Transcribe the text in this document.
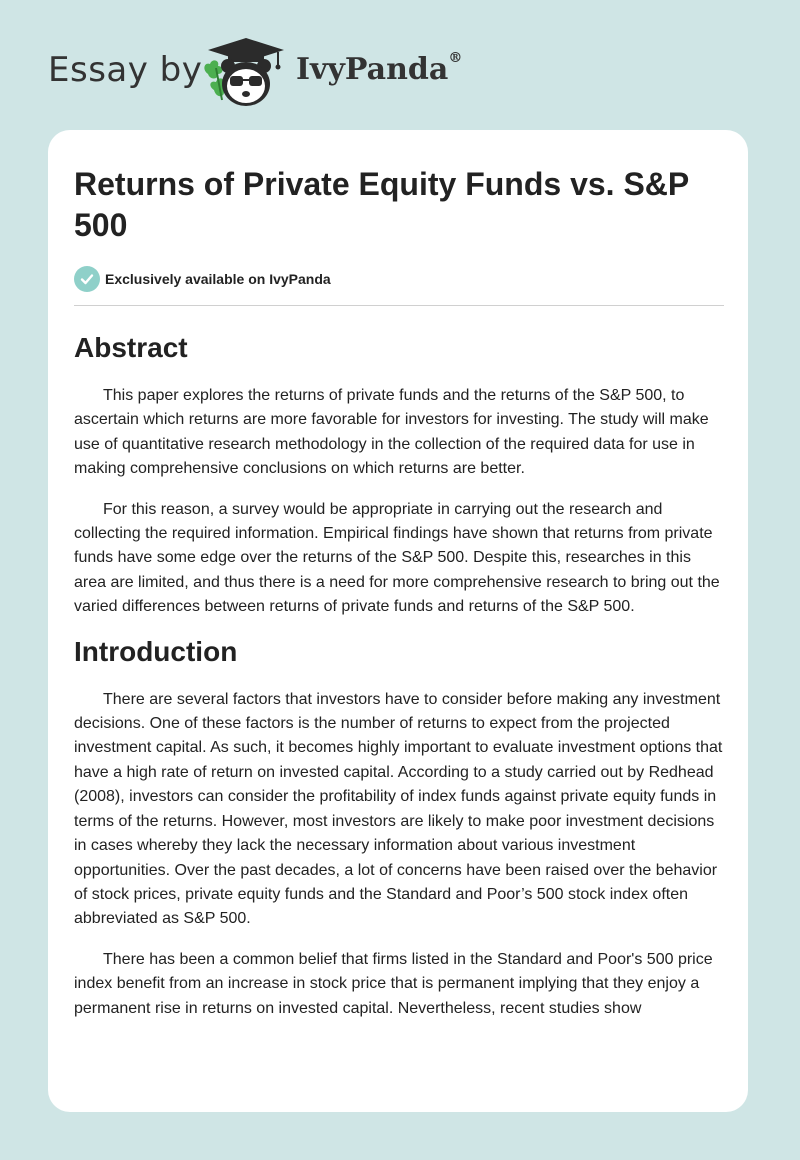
Essay by	IvyPanda®
Returns of Private Equity Funds vs. S&P 500
Exclusively available on IvyPanda
Abstract

This paper explores the returns of private funds and the returns of the S&P 500, to ascertain which returns are more favorable for investors for investing. The study will make use of quantitative research methodology in the collection of the required data for use in making comprehensive conclusions on which returns are better.

For this reason, a survey would be appropriate in carrying out the research and collecting the required information. Empirical findings have shown that returns from private funds have some edge over the returns of the S&P 500. Despite this, researches in this area are limited, and thus there is a need for more comprehensive research to bring out the varied differences between returns of private funds and returns of the S&P 500.

Introduction

There are several factors that investors have to consider before making any investment decisions. One of these factors is the number of returns to expect from the projected investment capital. As such, it becomes highly important to evaluate investment options that have a high rate of return on invested capital. According to a study carried out by Redhead (2008), investors can consider the profitability of index funds against private equity funds in terms of the returns. However, most investors are likely to make poor investment decisions in cases whereby they lack the necessary information about various investment opportunities. Over the past decades, a lot of concerns have been raised over the behavior of stock prices, private equity funds and the Standard and Poor’s 500 stock index often abbreviated as S&P 500.

There has been a common belief that firms listed in the Standard and Poor's 500 price index benefit from an increase in stock price that is permanent implying that they enjoy a permanent rise in returns on invested capital. Nevertheless, recent studies show
